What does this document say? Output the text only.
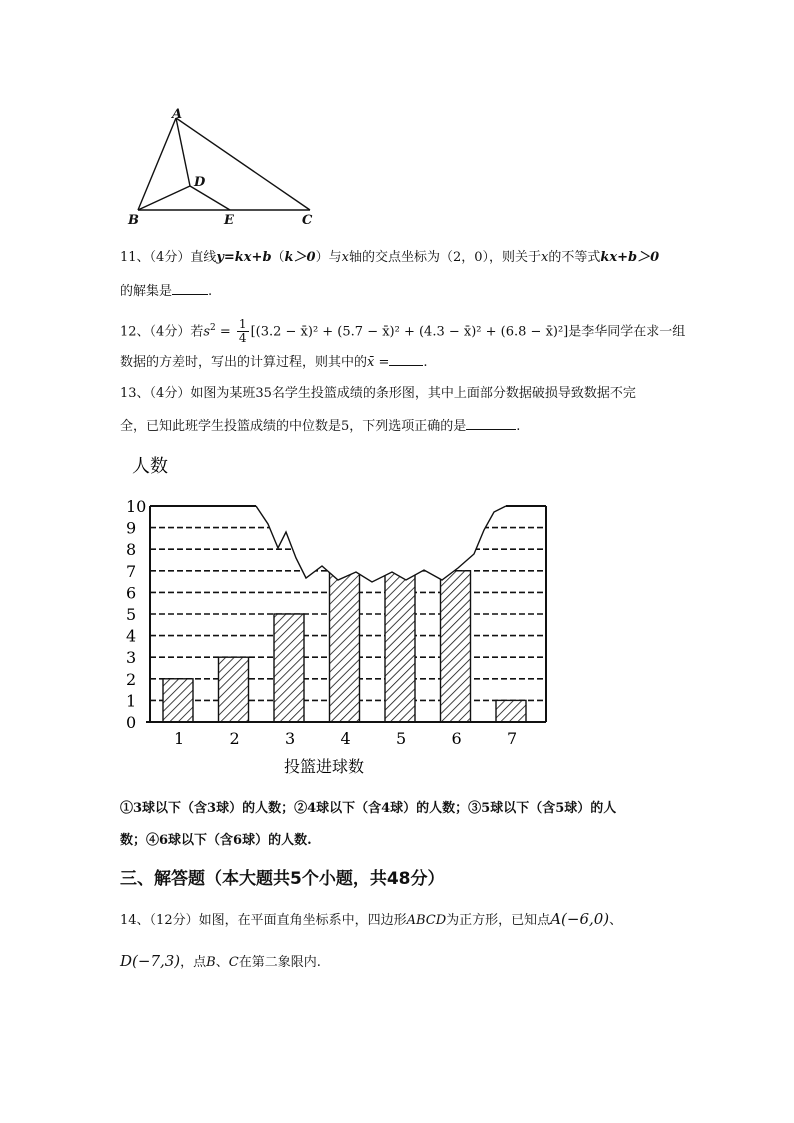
A
D
B	E	C
11、（4分）直线y=kx+b（k＞0）与x轴的交点坐标为（2，0），则关于x的不等式kx+b＞0
的解集是	.
12、（4分）若$s^2 = \frac{1}{4} [(3.2$ − x̄)² + (5.7 − x̄)² + (4.3 − x̄)² + (6.8 − x̄)²]是李华同学在求一组
数据的方差时，写出的计算过程，则其中的x̄ =	.
13、（4分）如图为某班35名学生投篮成绩的条形图，其中上面部分数据破损导致数据不完
全，已知此班学生投篮成绩的中位数是5，下列选项正确的是	.
人数
0
1
2
3
4
5
6
7
8
9
10
1	2	3	4	5	6	7
投篮进球数
①3球以下（含3球）的人数；②4球以下（含4球）的人数；③5球以下（含5球）的人
数；④6球以下（含6球）的人数.
三、解答题（本大题共5个小题，共48分）
14、（12分）如图，在平面直角坐标系中，四边形ABCD为正方形，已知点A(−6,0)、
D(−7,3)，点B、C在第二象限内.
